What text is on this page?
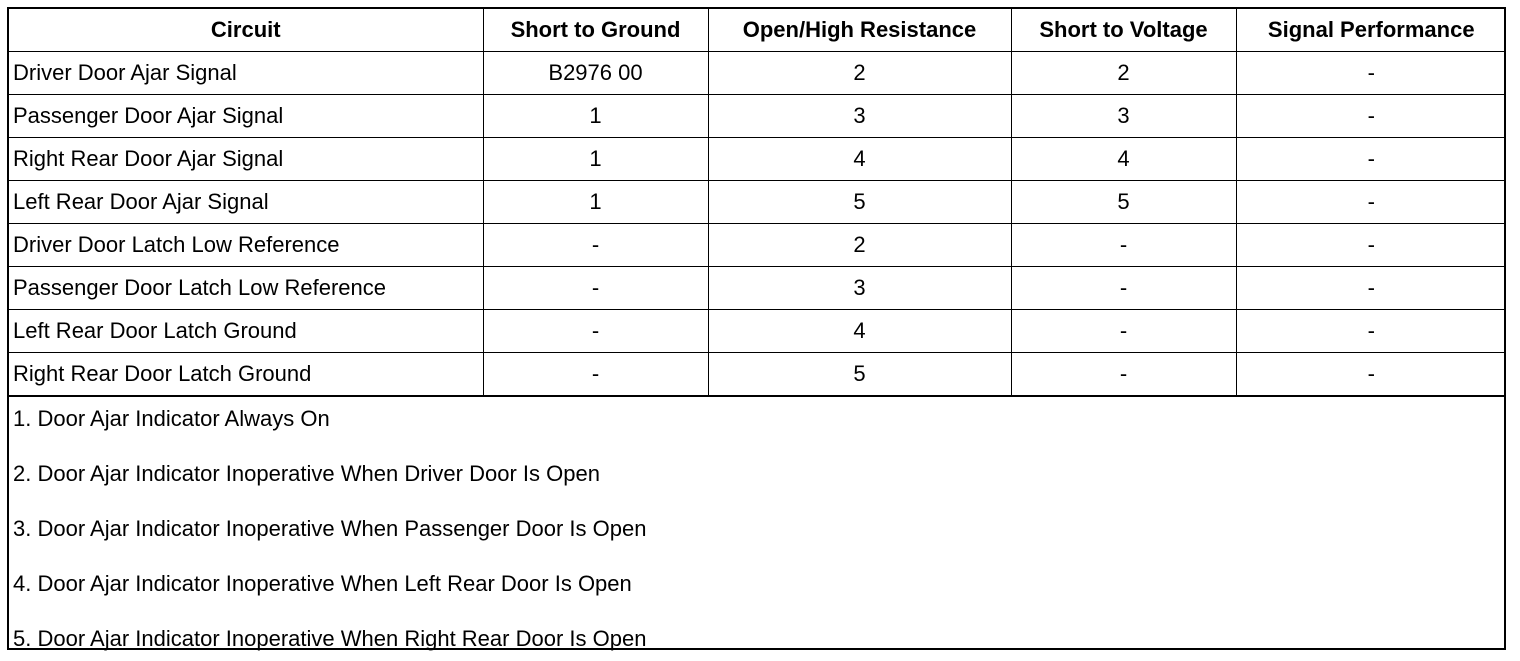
Circuit	Short to Ground	Open/High Resistance	Short to Voltage	Signal Performance
Driver Door Ajar Signal	B2976 00	2	2	-
Passenger Door Ajar Signal	1	3	3	-
Right Rear Door Ajar Signal	1	4	4	-
Left Rear Door Ajar Signal	1	5	5	-
Driver Door Latch Low Reference	-	2	-	-
Passenger Door Latch Low Reference	-	3	-	-
Left Rear Door Latch Ground	-	4	-	-
Right Rear Door Latch Ground	-	5	-	-
1. Door Ajar Indicator Always On
2. Door Ajar Indicator Inoperative When Driver Door Is Open
3. Door Ajar Indicator Inoperative When Passenger Door Is Open
4. Door Ajar Indicator Inoperative When Left Rear Door Is Open
5. Door Ajar Indicator Inoperative When Right Rear Door Is Open
